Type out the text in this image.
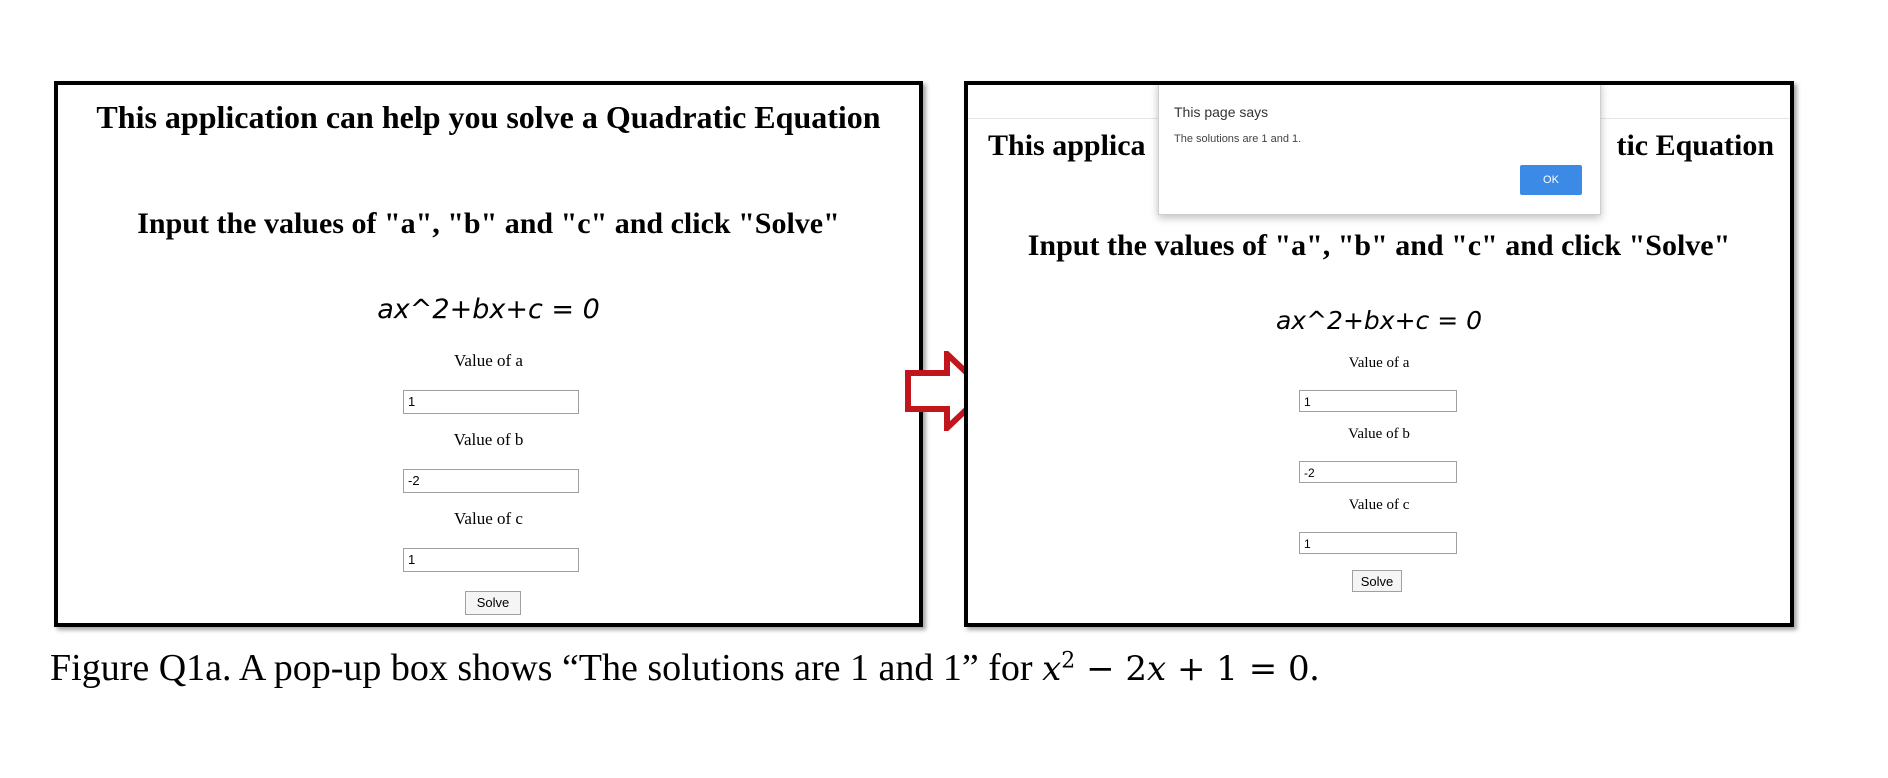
This application can help you solve a Quadratic Equation
Input the values of "a", "b" and "c" and click "Solve"
ax^2+bx+c = 0
Value of a
1
Value of b
-2
Value of c
1
Solve
This applica	tic Equation
Input the values of "a", "b" and "c" and click "Solve"
ax^2+bx+c = 0
Value of a
1
Value of b
-2
Value of c
1
Solve
This page says
The solutions are 1 and 1.
OK
Figure Q1a. A pop-up box shows “The solutions are 1 and 1” for $x^2 - 2x + 1 = 0$.
